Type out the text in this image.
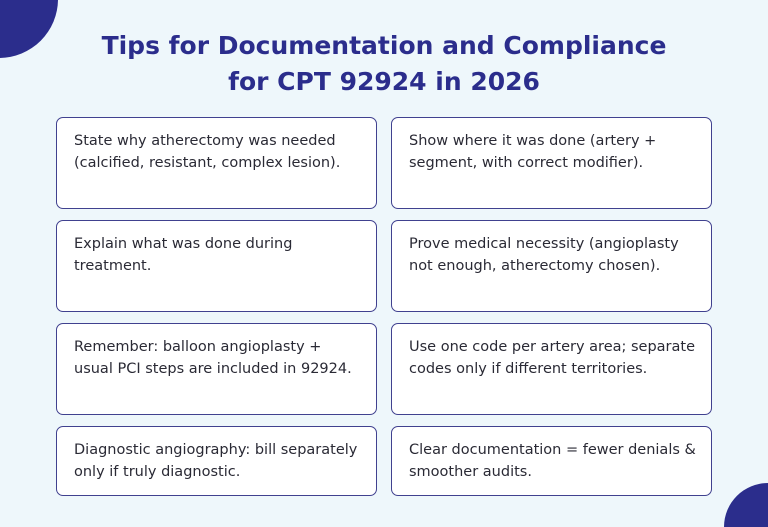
Tips for Documentation and Compliance
for CPT 92924 in 2026
State why atherectomy was needed (calcified, resistant, complex lesion).
Show where it was done (artery + segment, with correct modifier).
Explain what was done during treatment.
Prove medical necessity (angioplasty not enough, atherectomy chosen).
Remember: balloon angioplasty + usual PCI steps are included in 92924.
Use one code per artery area; separate codes only if different territories.
Diagnostic angiography: bill separately only if truly diagnostic.
Clear documentation = fewer denials & smoother audits.
